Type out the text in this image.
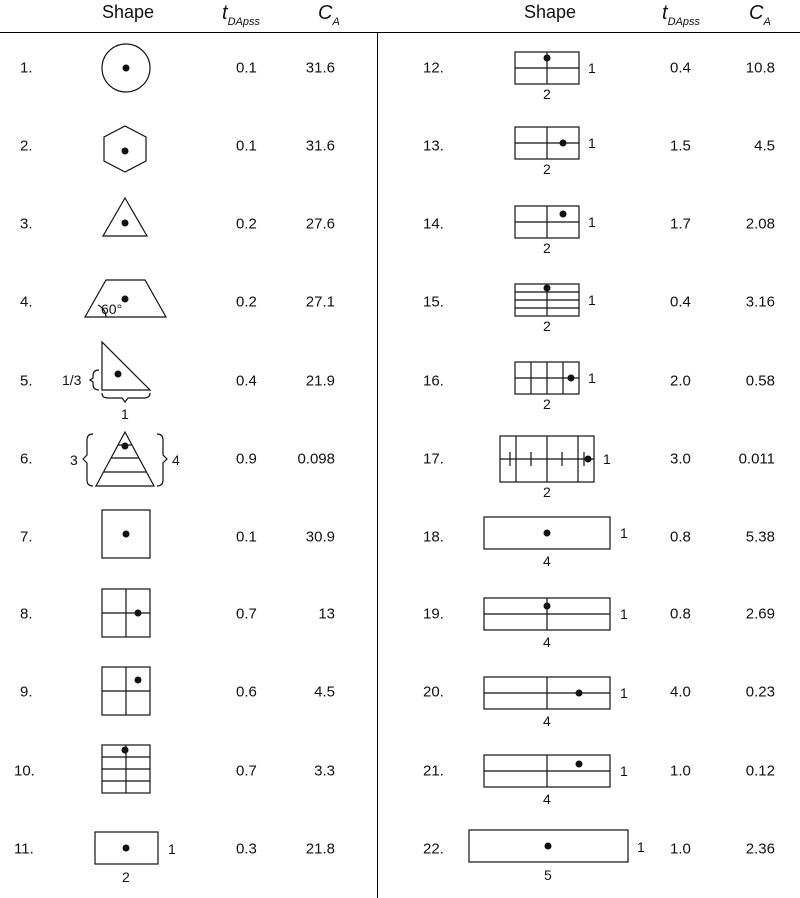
Shape	$t_{DApss}$	$C_A$	Shape	$t_{DApss}$ $C_A$
1.	0.1	31.6
2.	0.1	31.6
3.	0.2	27.6
4.	0.2	27.1
5.	0.4	21.9
6.	0.9	0.098
7.	0.1	30.9
8.	0.7	13
9.	0.6	4.5
10.	0.7	3.3
11.	0.3	21.8
12.	0.4	10.8
13.	1.5	4.5
14.	1.7	2.08
15.	0.4	3.16
16.	2.0	0.58
17.	3.0	0.011
18.	0.8	5.38
19.	0.8	2.69
20.	4.0	0.23
21.	1.0	0.12
22.	1.0	2.36
60°
1/3
1
3	4
1
2
1
2
1
2
1
2
1
2
1
2
1
2
1
4
1
4
1
4
1
4
1
5
